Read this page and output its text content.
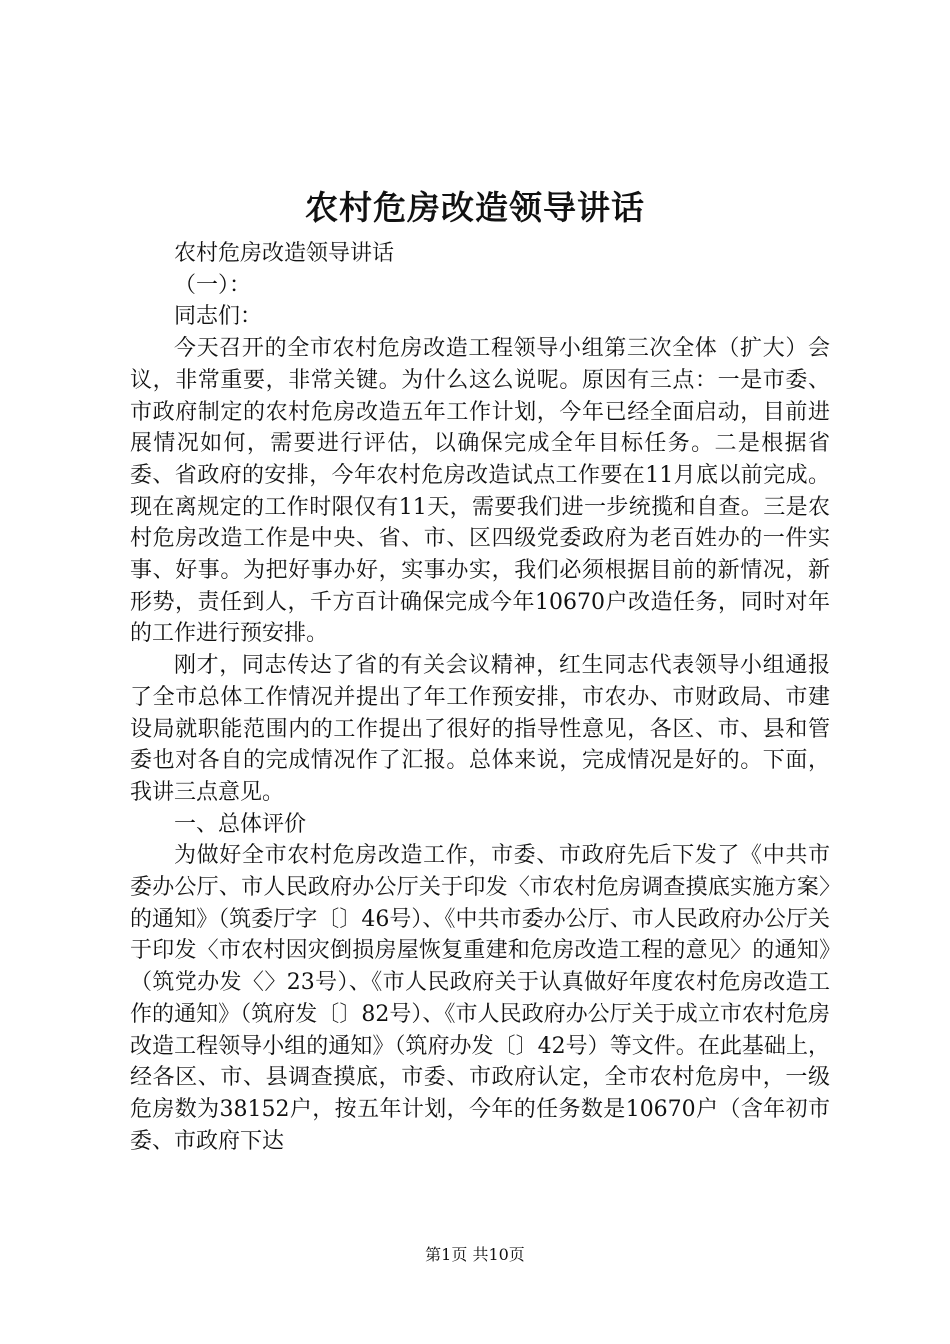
农村危房改造领导讲话

农村危房改造领导讲话

（一）：

同志们：

今天召开的全市农村危房改造工程领导小组第三次全体（扩大）会议，非常重要，非常关键。为什么这么说呢。原因有三点：一是市委、市政府制定的农村危房改造五年工作计划，今年已经全面启动，目前进展情况如何，需要进行评估，以确保完成全年目标任务。二是根据省委、省政府的安排，今年农村危房改造试点工作要在11月底以前完成。现在离规定的工作时限仅有11天，需要我们进一步统揽和自查。三是农村危房改造工作是中央、省、市、区四级党委政府为老百姓办的一件实事、好事。为把好事办好，实事办实，我们必须根据目前的新情况，新形势，责任到人，千方百计确保完成今年10670户改造任务，同时对年的工作进行预安排。

刚才，同志传达了省的有关会议精神，红生同志代表领导小组通报了全市总体工作情况并提出了年工作预安排，市农办、市财政局、市建设局就职能范围内的工作提出了很好的指导性意见，各区、市、县和管委也对各自的完成情况作了汇报。总体来说，完成情况是好的。下面，我讲三点意见。

一、总体评价

为做好全市农村危房改造工作，市委、市政府先后下发了《中共市委办公厅、市人民政府办公厅关于印发〈市农村危房调查摸底实施方案〉的通知》（筑委厅字〔〕46号）、《中共市委办公厅、市人民政府办公厅关于印发〈市农村因灾倒损房屋恢复重建和危房改造工程的意见〉的通知》（筑党办发〈〉23号）、《市人民政府关于认真做好年度农村危房改造工作的通知》（筑府发〔〕82号）、《市人民政府办公厅关于成立市农村危房改造工程领导小组的通知》（筑府办发〔〕42号）等文件。在此基础上，经各区、市、县调查摸底，市委、市政府认定，全市农村危房中，一级危房数为38152户，按五年计划，今年的任务数是10670户（含年初市委、市政府下达

第1页 共10页
